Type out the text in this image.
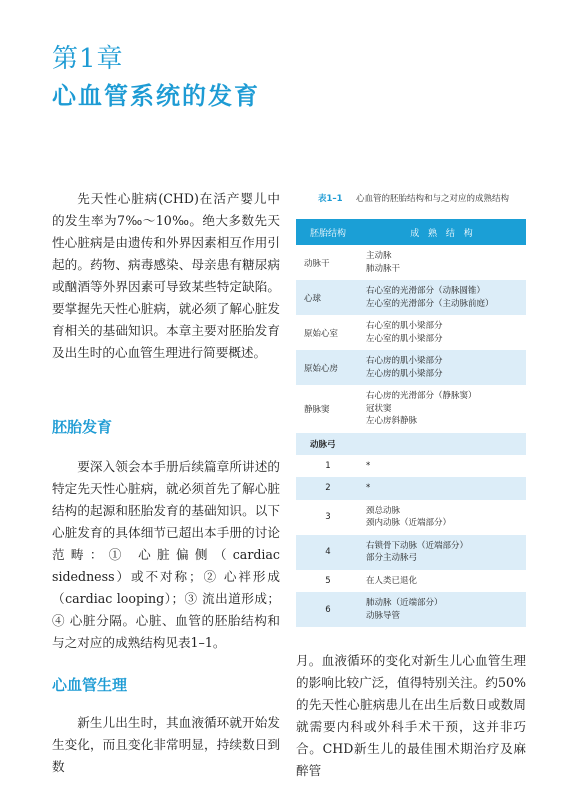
第1章
心血管系统的发育

先天性心脏病(CHD)在活产婴儿中的发生率为7‰～10‰。绝大多数先天性心脏病是由遗传和外界因素相互作用引起的。药物、病毒感染、母亲患有糖尿病或酗酒等外界因素可导致某些特定缺陷。要掌握先天性心脏病，就必须了解心脏发育相关的基础知识。本章主要对胚胎发育及出生时的心血管生理进行简要概述。

胚胎发育

要深入领会本手册后续篇章所讲述的特定先天性心脏病，就必须首先了解心脏结构的起源和胚胎发育的基础知识。以下心脏发育的具体细节已超出本手册的讨论范畴：① 心脏偏侧（cardiac sidedness）或不对称；② 心袢形成（cardiac looping）；③ 流出道形成；④ 心脏分隔。心脏、血管的胚胎结构和与之对应的成熟结构见表1–1。

心血管生理

新生儿出生时，其血液循环就开始发生变化，而且变化非常明显，持续数日到数

表1–1	心血管的胚胎结构和与之对应的成熟结构
胚胎结构	成 熟 结 构
动脉干	主动脉
肺动脉干

心球	右心室的光滑部分（动脉圆锥）
左心室的光滑部分（主动脉前庭）

原始心室	右心室的肌小梁部分
左心室的肌小梁部分

原始心房	右心房的肌小梁部分
左心房的肌小梁部分

静脉窦	右心房的光滑部分（静脉窦）
冠状窦
左心房斜静脉

动脉弓	
1	*

2	*

3	颈总动脉
颈内动脉（近端部分）

4	右锁骨下动脉（近端部分）
部分主动脉弓

5	在人类已退化

6	肺动脉（近端部分）
动脉导管

月。血液循环的变化对新生儿心血管生理的影响比较广泛，值得特别关注。约50%的先天性心脏病患儿在出生后数日或数周就需要内科或外科手术干预，这并非巧合。CHD新生儿的最佳围术期治疗及麻醉管
